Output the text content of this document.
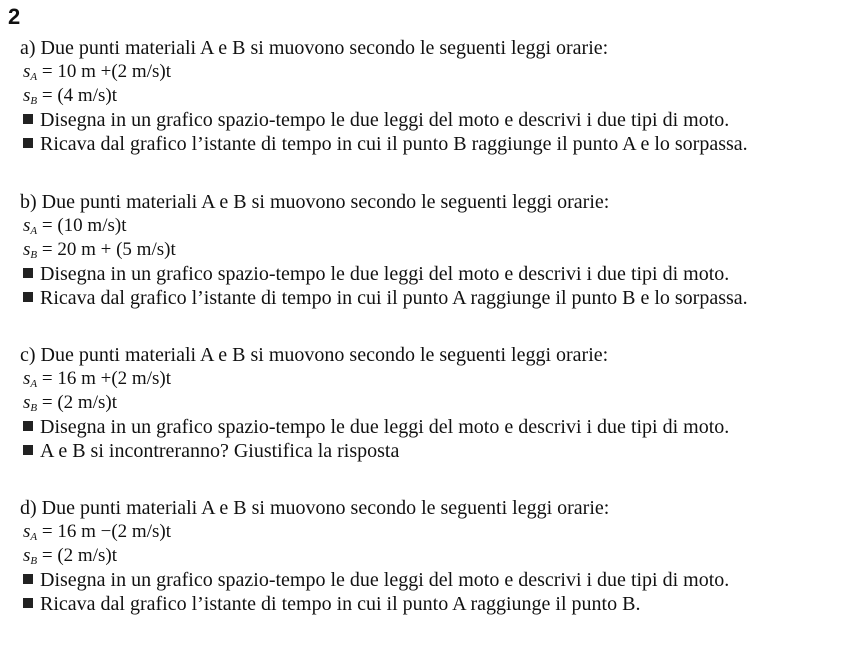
2
a) Due punti materiali A e B si muovono secondo le seguenti leggi orarie:
$s_A = 10$ m +(2 m/s)t
$s_B = (4$ m/s)t
Disegna in un grafico spazio-tempo le due leggi del moto e descrivi i due tipi di moto.
Ricava dal grafico l’istante di tempo in cui il punto B raggiunge il punto A e lo sorpassa.
b) Due punti materiali A e B si muovono secondo le seguenti leggi orarie:
$s_A = (10$ m/s)t
$s_B = 20$ m + (5 m/s)t
Disegna in un grafico spazio-tempo le due leggi del moto e descrivi i due tipi di moto.
Ricava dal grafico l’istante di tempo in cui il punto A raggiunge il punto B e lo sorpassa.
c) Due punti materiali A e B si muovono secondo le seguenti leggi orarie:
$s_A = 16$ m +(2 m/s)t
$s_B = (2$ m/s)t
Disegna in un grafico spazio-tempo le due leggi del moto e descrivi i due tipi di moto.
A e B si incontreranno? Giustifica la risposta
d) Due punti materiali A e B si muovono secondo le seguenti leggi orarie:
$s_A = 16$ m −(2 m/s)t
$s_B = (2$ m/s)t
Disegna in un grafico spazio-tempo le due leggi del moto e descrivi i due tipi di moto.
Ricava dal grafico l’istante di tempo in cui il punto A raggiunge il punto B.
